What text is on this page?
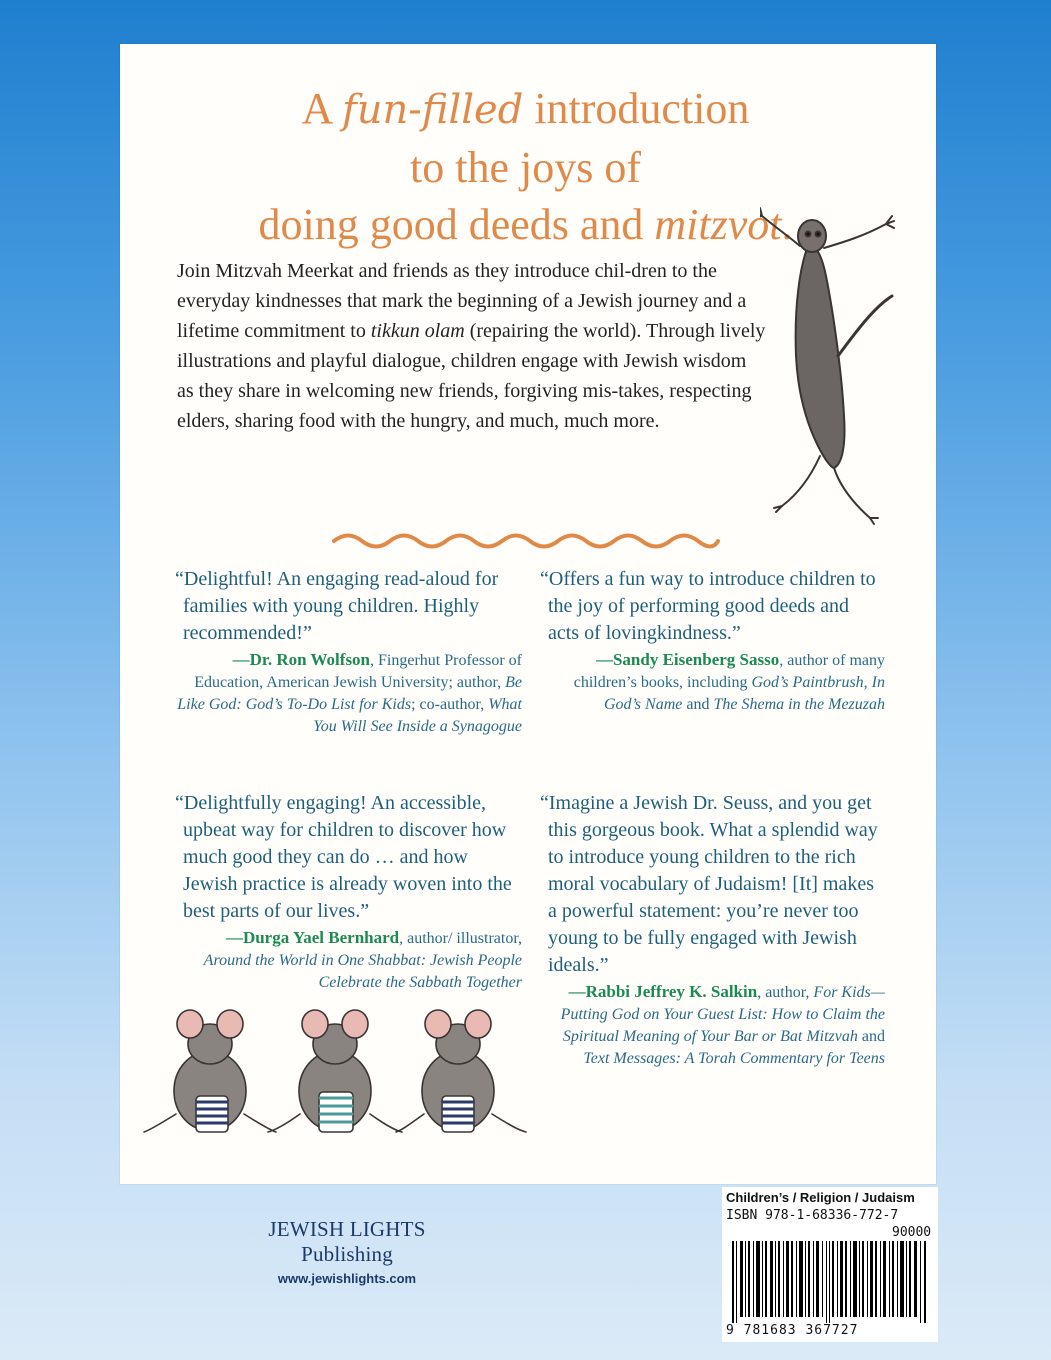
A fun-filled introduction
to the joys of
doing good deeds and mitzvot.
Join Mitzvah Meerkat and friends as they introduce chil-dren to the everyday kindnesses that mark the beginning of a Jewish journey and a lifetime commitment to tikkun olam (repairing the world). Through lively illustrations and playful dialogue, children engage with Jewish wisdom as they share in welcoming new friends, forgiving mis-takes, respecting elders, sharing food with the hungry, and much, much more.
“Delightful! An engaging read-aloud for families with young children. Highly recommended!”
—Dr. Ron Wolfson, Fingerhut Professor of Education, American Jewish University; author, Be Like God: God’s To-Do List for Kids; co-author, What You Will See Inside a Synagogue
“Offers a fun way to introduce children to the joy of performing good deeds and acts of lovingkindness.”
—Sandy Eisenberg Sasso, author of many children’s books, including God’s Paintbrush, In God’s Name and The Shema in the Mezuzah
“Delightfully engaging! An accessible, upbeat way for children to discover how much good they can do … and how Jewish practice is already woven into the best parts of our lives.”
—Durga Yael Bernhard, author/ illustrator, Around the World in One Shabbat: Jewish People Celebrate the Sabbath Together
“Imagine a Jewish Dr. Seuss, and you get this gorgeous book. What a splendid way to introduce young children to the rich moral vocabulary of Judaism! [It] makes a powerful statement: you’re never too young to be fully engaged with Jewish ideals.”
—Rabbi Jeffrey K. Salkin, author, For Kids—Putting God on Your Guest List: How to Claim the Spiritual Meaning of Your Bar or Bat Mitzvah and Text Messages: A Torah Commentary for Teens
JEWISH LIGHTS Publishing
www.jewishlights.com
Children’s / Religion / Judaism
ISBN 978-1-68336-772-7
90000
9 781683 367727
